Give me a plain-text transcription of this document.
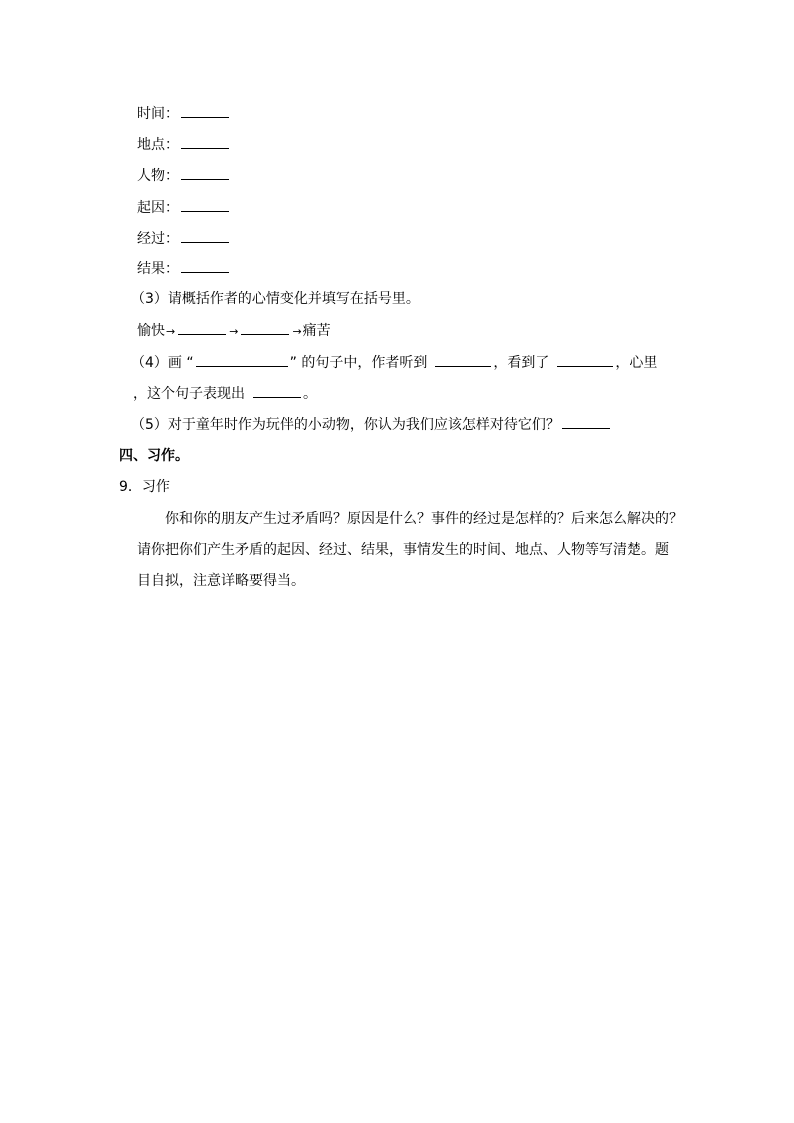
时间：
地点：
人物：
起因：
经过：
结果：
（3）请概括作者的心情变化并填写在括号里。
愉快→	→	→痛苦
（4）画 “	” 的句子中，作者听到	，看到了	，心里
，这个句子表现出	。
（5）对于童年时作为玩伴的小动物，你认为我们应该怎样对待它们？
四、习作。
9．习作
你和你的朋友产生过矛盾吗？原因是什么？事件的经过是怎样的？后来怎么解决的？
请你把你们产生矛盾的起因、经过、结果，事情发生的时间、地点、人物等写清楚。题
目自拟，注意详略要得当。
